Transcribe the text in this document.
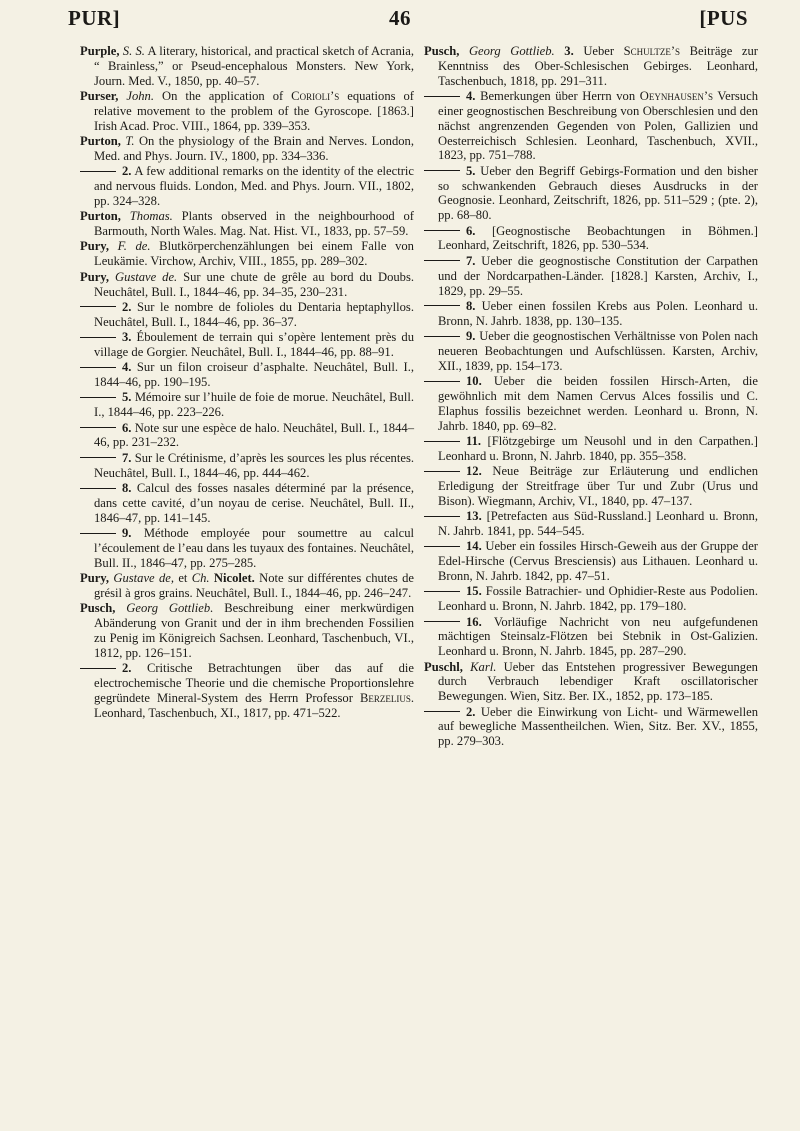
PUR]	46	[PUS

Purple, S. S. A literary, historical, and practical sketch of Acrania, “ Brainless,” or Pseud-encephalous Monsters. New York, Journ. Med. V., 1850, pp. 40–57.

Purser, John. On the application of Corioli’s equations of relative movement to the problem of the Gyroscope. [1863.] Irish Acad. Proc. VIII., 1864, pp. 339–353.

Purton, T. On the physiology of the Brain and Nerves. London, Med. and Phys. Journ. IV., 1800, pp. 334–336.

2. A few additional remarks on the identity of the electric and nervous fluids. London, Med. and Phys. Journ. VII., 1802, pp. 324–328.

Purton, Thomas. Plants observed in the neighbourhood of Barmouth, North Wales. Mag. Nat. Hist. VI., 1833, pp. 57–59.

Pury, F. de. Blutkörperchenzählungen bei einem Falle von Leukämie. Virchow, Archiv, VIII., 1855, pp. 289–302.

Pury, Gustave de. Sur une chute de grêle au bord du Doubs. Neuchâtel, Bull. I., 1844–46, pp. 34–35, 230–231.

2. Sur le nombre de folioles du Dentaria heptaphyllos. Neuchâtel, Bull. I., 1844–46, pp. 36–37.

3. Éboulement de terrain qui s’opère lentement près du village de Gorgier. Neuchâtel, Bull. I., 1844–46, pp. 88–91.

4. Sur un filon croiseur d’asphalte. Neuchâtel, Bull. I., 1844–46, pp. 190–195.

5. Mémoire sur l’huile de foie de morue. Neuchâtel, Bull. I., 1844–46, pp. 223–226.

6. Note sur une espèce de halo. Neuchâtel, Bull. I., 1844–46, pp. 231–232.

7. Sur le Crétinisme, d’après les sources les plus récentes. Neuchâtel, Bull. I., 1844–46, pp. 444–462.

8. Calcul des fosses nasales déterminé par la présence, dans cette cavité, d’un noyau de cerise. Neuchâtel, Bull. II., 1846–47, pp. 141–145.

9. Méthode employée pour soumettre au calcul l’écoulement de l’eau dans les tuyaux des fontaines. Neuchâtel, Bull. II., 1846–47, pp. 275–285.

Pury, Gustave de, et Ch. Nicolet. Note sur différentes chutes de grésil à gros grains. Neuchâtel, Bull. I., 1844–46, pp. 246–247.

Pusch, Georg Gottlieb. Beschreibung einer merkwürdigen Abänderung von Granit und der in ihm brechenden Fossilien zu Penig im Königreich Sachsen. Leonhard, Taschenbuch, VI., 1812, pp. 126–151.

2. Critische Betrachtungen über das auf die electrochemische Theorie und die chemische Proportionslehre gegründete Mineral-System des Herrn Professor Berzelius. Leonhard, Taschenbuch, XI., 1817, pp. 471–522.

Pusch, Georg Gottlieb. 3. Ueber Schultze’s Beiträge zur Kenntniss des Ober-Schlesischen Gebirges. Leonhard, Taschenbuch, 1818, pp. 291–311.

4. Bemerkungen über Herrn von Oeynhausen’s Versuch einer geognostischen Beschreibung von Oberschlesien und den nächst angrenzenden Gegenden von Polen, Gallizien und Oesterreichisch Schlesien. Leonhard, Taschenbuch, XVII., 1823, pp. 751–788.

5. Ueber den Begriff Gebirgs-Formation und den bisher so schwankenden Gebrauch dieses Ausdrucks in der Geognosie. Leonhard, Zeitschrift, 1826, pp. 511–529 ; (pte. 2), pp. 68–80.

6. [Geognostische Beobachtungen in Böhmen.] Leonhard, Zeitschrift, 1826, pp. 530–534.

7. Ueber die geognostische Constitution der Carpathen und der Nordcarpathen-Länder. [1828.] Karsten, Archiv, I., 1829, pp. 29–55.

8. Ueber einen fossilen Krebs aus Polen. Leonhard u. Bronn, N. Jahrb. 1838, pp. 130–135.

9. Ueber die geognostischen Verhältnisse von Polen nach neueren Beobachtungen und Aufschlüssen. Karsten, Archiv, XII., 1839, pp. 154–173.

10. Ueber die beiden fossilen Hirsch-Arten, die gewöhnlich mit dem Namen Cervus Alces fossilis und C. Elaphus fossilis bezeichnet werden. Leonhard u. Bronn, N. Jahrb. 1840, pp. 69–82.

11. [Flötzgebirge um Neusohl und in den Carpathen.] Leonhard u. Bronn, N. Jahrb. 1840, pp. 355–358.

12. Neue Beiträge zur Erläuterung und endlichen Erledigung der Streitfrage über Tur und Zubr (Urus und Bison). Wiegmann, Archiv, VI., 1840, pp. 47–137.

13. [Petrefacten aus Süd-Russland.] Leonhard u. Bronn, N. Jahrb. 1841, pp. 544–545.

14. Ueber ein fossiles Hirsch-Geweih aus der Gruppe der Edel-Hirsche (Cervus Bresciensis) aus Lithauen. Leonhard u. Bronn, N. Jahrb. 1842, pp. 47–51.

15. Fossile Batrachier- und Ophidier-Reste aus Podolien. Leonhard u. Bronn, N. Jahrb. 1842, pp. 179–180.

16. Vorläufige Nachricht von neu aufgefundenen mächtigen Steinsalz-Flötzen bei Stebnik in Ost-Galizien. Leonhard u. Bronn, N. Jahrb. 1845, pp. 287–290.

Puschl, Karl. Ueber das Entstehen progressiver Bewegungen durch Verbrauch lebendiger Kraft oscillatorischer Bewegungen. Wien, Sitz. Ber. IX., 1852, pp. 173–185.

2. Ueber die Einwirkung von Licht- und Wärmewellen auf bewegliche Massentheilchen. Wien, Sitz. Ber. XV., 1855, pp. 279–303.
